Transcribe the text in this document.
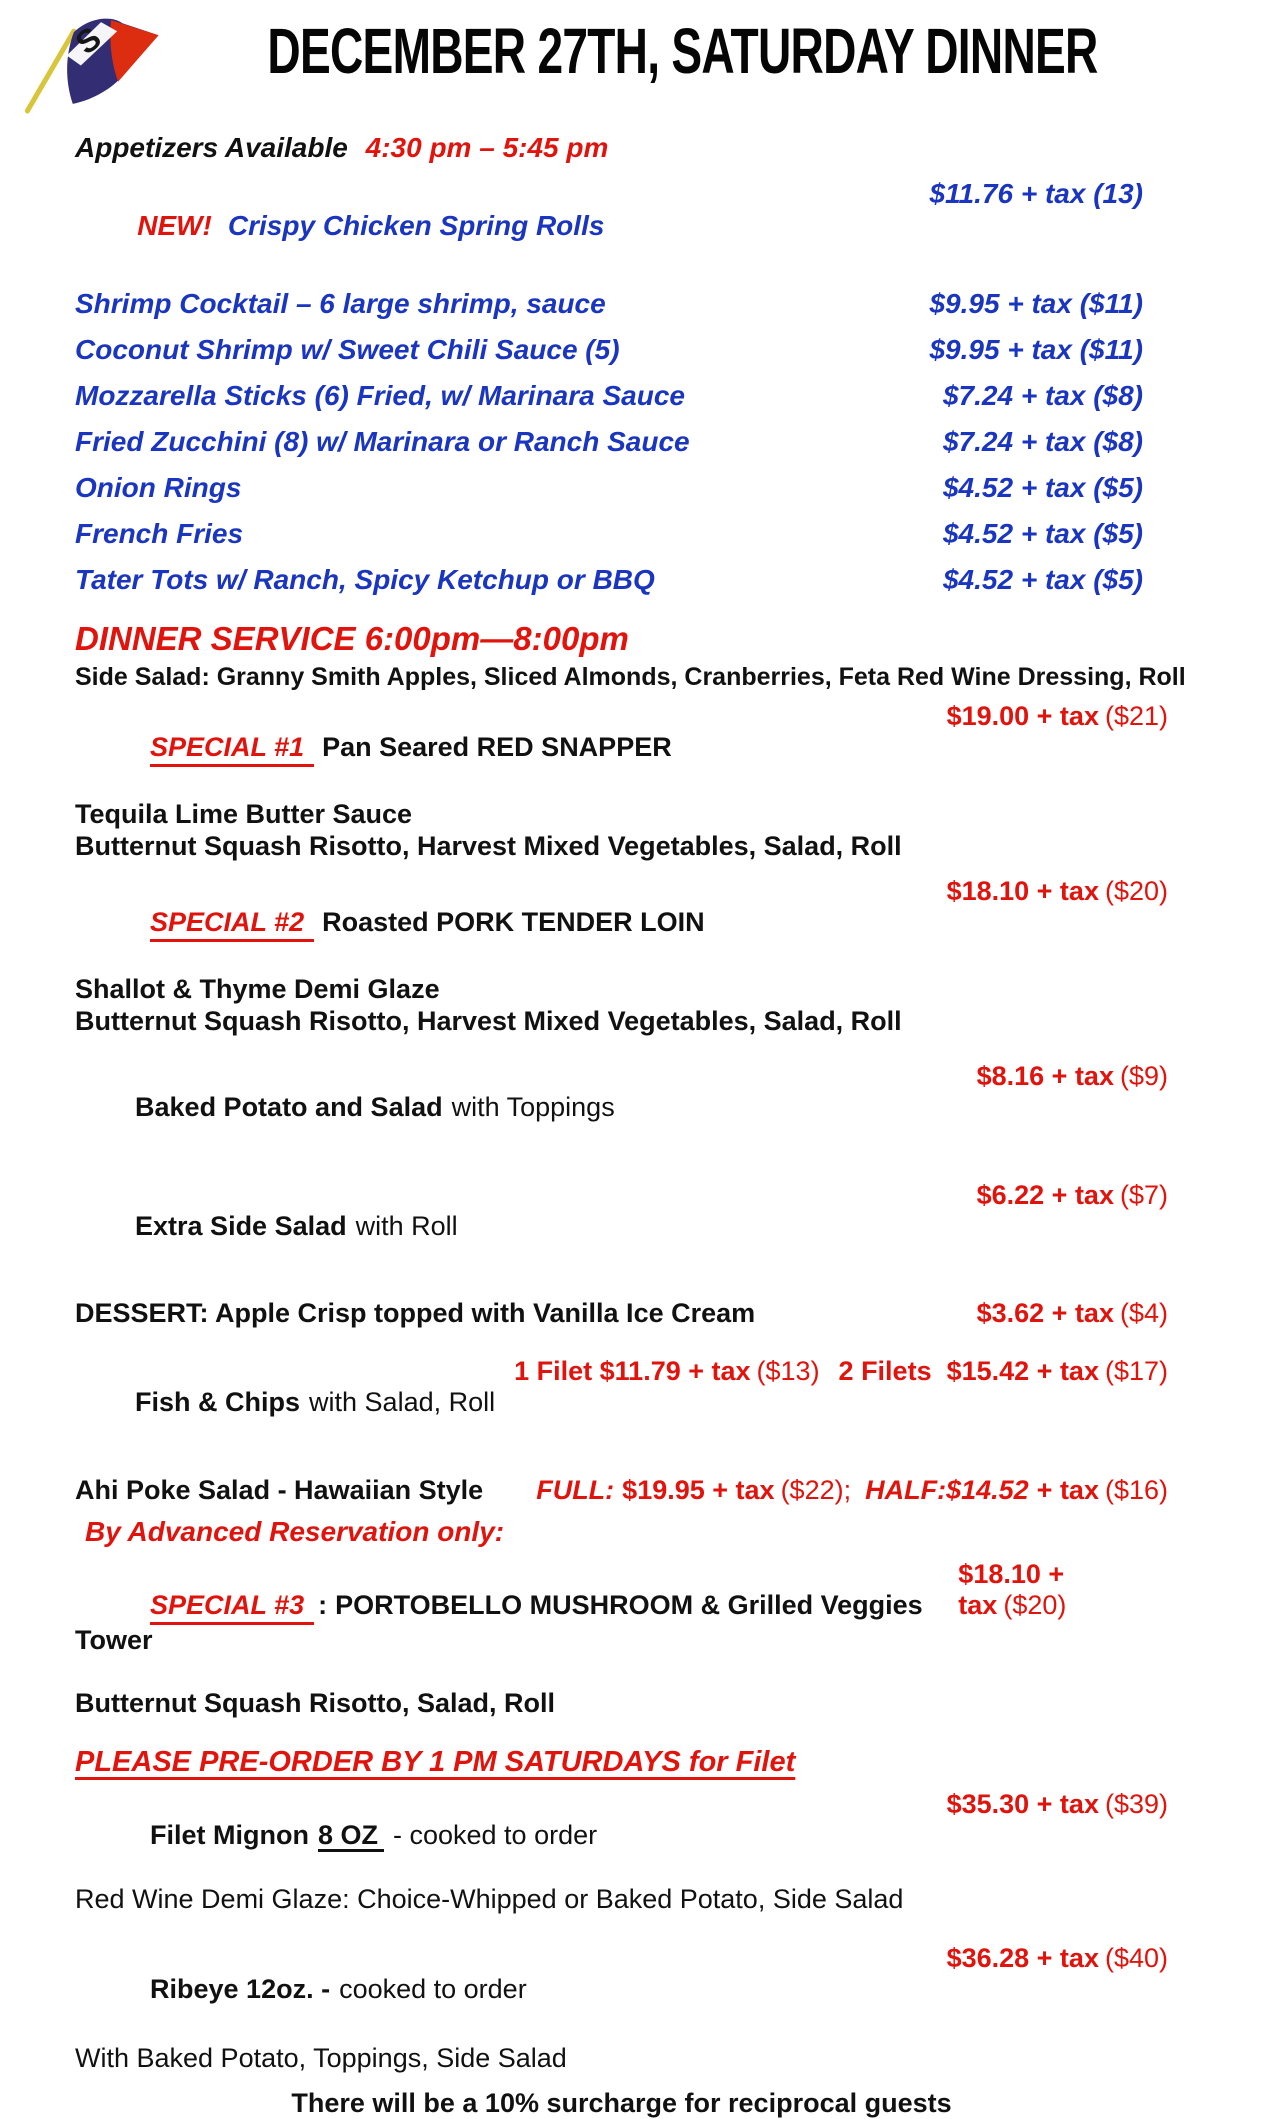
S	DECEMBER 27TH, SATURDAY DINNER
Appetizers Available 4:30 pm – 5:45 pm

NEW! Crispy Chicken Spring Rolls

$11.76 + tax (13)
Shrimp Cocktail – 6 large shrimp, sauce	$9.95 + tax ($11)
Coconut Shrimp w/ Sweet Chili Sauce (5)	$9.95 + tax ($11)
Mozzarella Sticks (6) Fried, w/ Marinara Sauce	$7.24 + tax ($8)
Fried Zucchini (8) w/ Marinara or Ranch Sauce	$7.24 + tax ($8)
Onion Rings	$4.52 + tax ($5)
French Fries	$4.52 + tax ($5)
Tater Tots w/ Ranch, Spicy Ketchup or BBQ	$4.52 + tax ($5)
DINNER SERVICE 6:00pm—8:00pm
Side Salad: Granny Smith Apples, Sliced Almonds, Cranberries, Feta Red Wine Dressing, Roll

SPECIAL #1 Pan Seared RED SNAPPER

$19.00 + tax ($21)
Tequila Lime Butter Sauce
Butternut Squash Risotto, Harvest Mixed Vegetables, Salad, Roll

SPECIAL #2 Roasted PORK TENDER LOIN

$18.10 + tax ($20)
Shallot & Thyme Demi Glaze
Butternut Squash Risotto, Harvest Mixed Vegetables, Salad, Roll

Baked Potato and Salad with Toppings

$8.16 + tax ($9)

Extra Side Salad with Roll

$6.22 + tax ($7)
DESSERT: Apple Crisp topped with Vanilla Ice Cream	$3.62 + tax ($4)

Fish & Chips with Salad, Roll

1 Filet $11.79 + tax ($13) 2 Filets  $15.42 + tax ($17)
Ahi Poke Salad - Hawaiian Style FULL: $19.95 + tax ($22); HALF:$14.52 + tax ($16)
By Advanced Reservation only:

SPECIAL #3 : PORTOBELLO MUSHROOM & Grilled Veggies Tower

$18.10 + tax ($20)
Butternut Squash Risotto, Salad, Roll
PLEASE PRE-ORDER BY 1 PM SATURDAYS for Filet

Filet Mignon 8 OZ - cooked to order

$35.30 + tax ($39)
Red Wine Demi Glaze: Choice-Whipped or Baked Potato, Side Salad

Ribeye 12oz. - cooked to order

$36.28 + tax ($40)
With Baked Potato, Toppings, Side Salad
There will be a 10% surcharge for reciprocal guests
